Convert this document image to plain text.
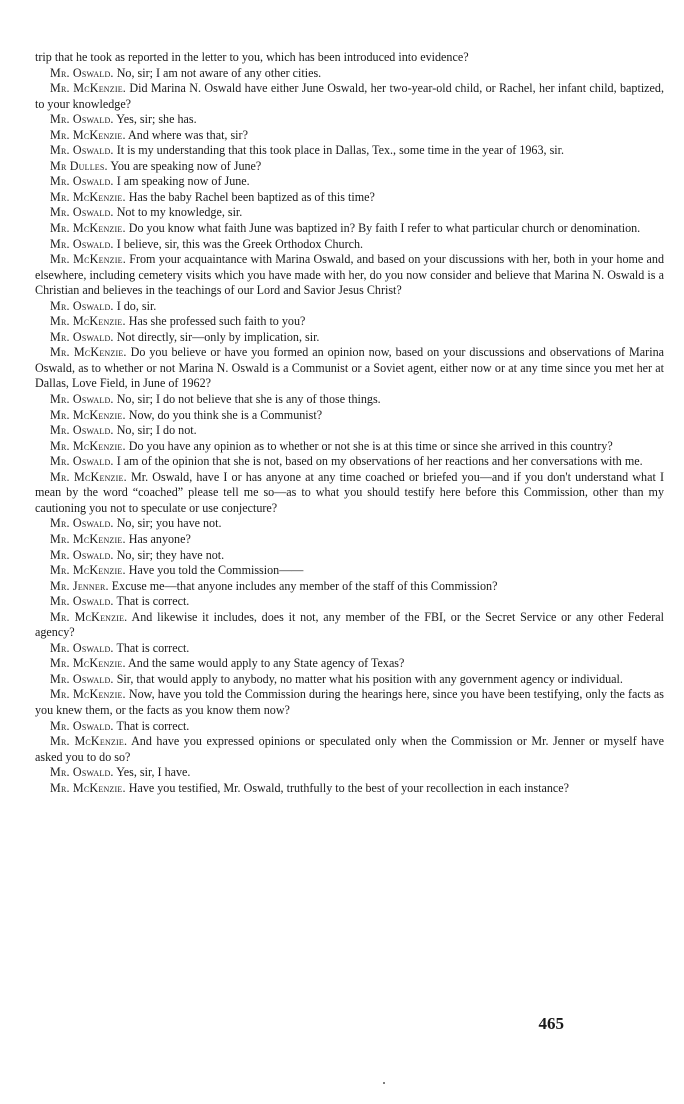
trip that he took as reported in the letter to you, which has been introduced into evidence?

Mr. Oswald. No, sir; I am not aware of any other cities.

Mr. McKenzie. Did Marina N. Oswald have either June Oswald, her two-year-old child, or Rachel, her infant child, baptized, to your knowledge?

Mr. Oswald. Yes, sir; she has.

Mr. McKenzie. And where was that, sir?

Mr. Oswald. It is my understanding that this took place in Dallas, Tex., some time in the year of 1963, sir.

Mr Dulles. You are speaking now of June?

Mr. Oswald. I am speaking now of June.

Mr. McKenzie. Has the baby Rachel been baptized as of this time?

Mr. Oswald. Not to my knowledge, sir.

Mr. McKenzie. Do you know what faith June was baptized in? By faith I refer to what particular church or denomination.

Mr. Oswald. I believe, sir, this was the Greek Orthodox Church.

Mr. McKenzie. From your acquaintance with Marina Oswald, and based on your discussions with her, both in your home and elsewhere, including cemetery visits which you have made with her, do you now consider and believe that Marina N. Oswald is a Christian and believes in the teachings of our Lord and Savior Jesus Christ?

Mr. Oswald. I do, sir.

Mr. McKenzie. Has she professed such faith to you?

Mr. Oswald. Not directly, sir—only by implication, sir.

Mr. McKenzie. Do you believe or have you formed an opinion now, based on your discussions and observations of Marina Oswald, as to whether or not Marina N. Oswald is a Communist or a Soviet agent, either now or at any time since you met her at Dallas, Love Field, in June of 1962?

Mr. Oswald. No, sir; I do not believe that she is any of those things.

Mr. McKenzie. Now, do you think she is a Communist?

Mr. Oswald. No, sir; I do not.

Mr. McKenzie. Do you have any opinion as to whether or not she is at this time or since she arrived in this country?

Mr. Oswald. I am of the opinion that she is not, based on my observations of her reactions and her conversations with me.

Mr. McKenzie. Mr. Oswald, have I or has anyone at any time coached or briefed you—and if you don't understand what I mean by the word “coached” please tell me so—as to what you should testify here before this Commission, other than my cautioning you not to speculate or use conjecture?

Mr. Oswald. No, sir; you have not.

Mr. McKenzie. Has anyone?

Mr. Oswald. No, sir; they have not.

Mr. McKenzie. Have you told the Commission——

Mr. Jenner. Excuse me—that anyone includes any member of the staff of this Commission?

Mr. Oswald. That is correct.

Mr. McKenzie. And likewise it includes, does it not, any member of the FBI, or the Secret Service or any other Federal agency?

Mr. Oswald. That is correct.

Mr. McKenzie. And the same would apply to any State agency of Texas?

Mr. Oswald. Sir, that would apply to anybody, no matter what his position with any government agency or individual.

Mr. McKenzie. Now, have you told the Commission during the hearings here, since you have been testifying, only the facts as you knew them, or the facts as you know them now?

Mr. Oswald. That is correct.

Mr. McKenzie. And have you expressed opinions or speculated only when the Commission or Mr. Jenner or myself have asked you to do so?

Mr. Oswald. Yes, sir, I have.

Mr. McKenzie. Have you testified, Mr. Oswald, truthfully to the best of your recollection in each instance?

465
